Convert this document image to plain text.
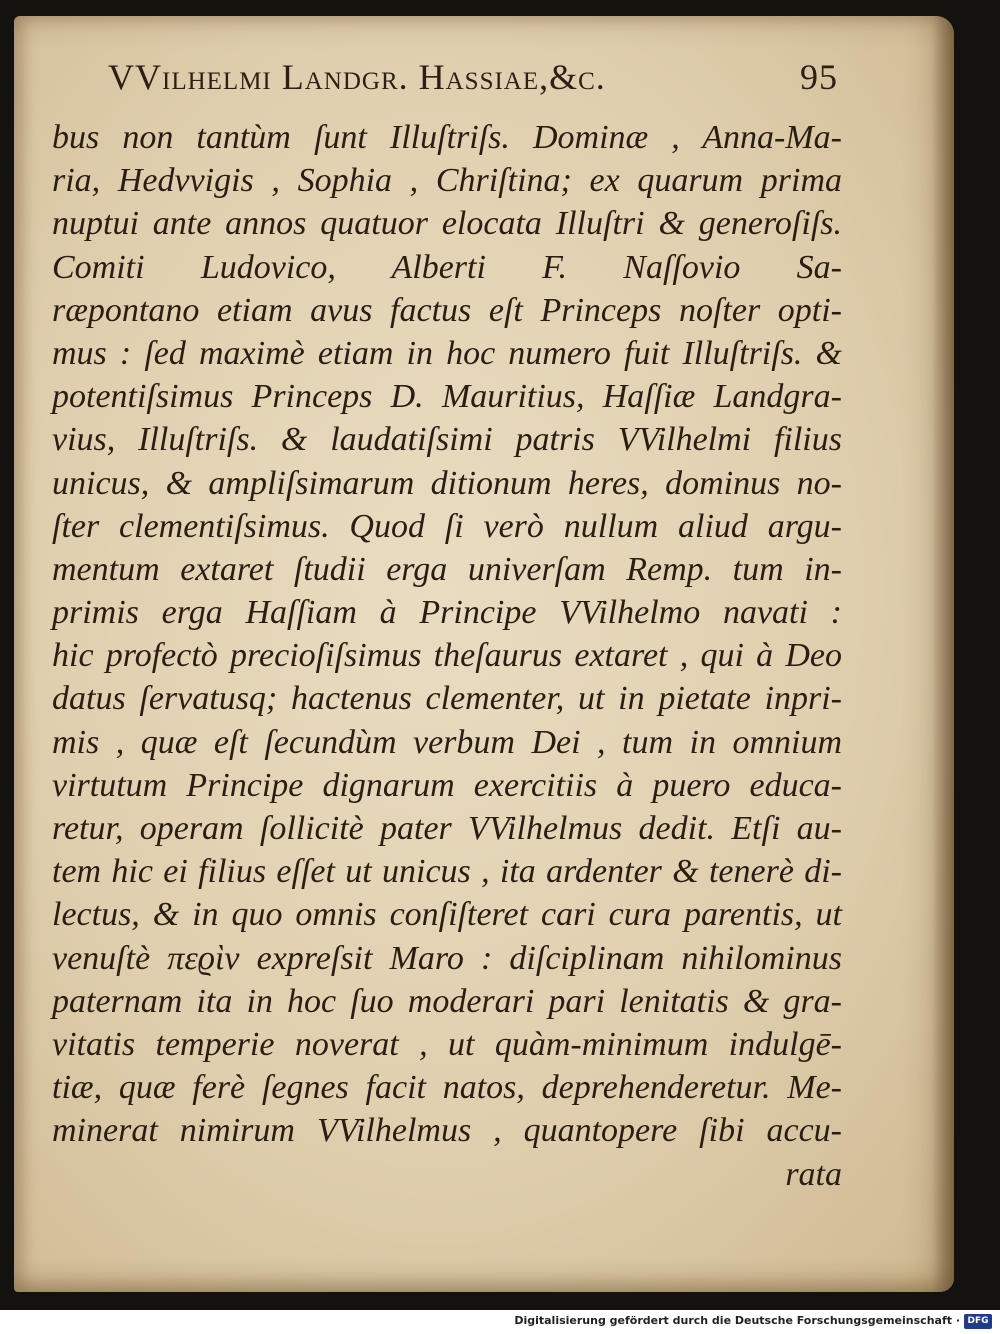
VVilhelmi Landgr. Hassiae,&c.	95
bus non tantùm ſunt Illuſtriſs. Dominæ , Anna-Ma-
ria, Hedvvigis , Sophia , Chriſtina; ex quarum prima
nuptui ante annos quatuor elocata Illuſtri & generoſiſs.
Comiti Ludovico, Alberti F. Naſſovio Sa-
ræpontano etiam avus factus eſt Princeps noſter opti-
mus : ſed maximè etiam in hoc numero fuit Illuſtriſs. &
potentiſsimus Princeps D. Mauritius, Haſſiæ Landgra-
vius, Illuſtriſs. & laudatiſsimi patris VVilhelmi filius
unicus, & ampliſsimarum ditionum heres, dominus no-
ſter clementiſsimus. Quod ſi verò nullum aliud argu-
mentum extaret ſtudii erga univerſam Remp. tum in-
primis erga Haſſiam à Principe VVilhelmo navati :
hic profectò precioſiſsimus theſaurus extaret , qui à Deo
datus ſervatusq; hactenus clementer, ut in pietate inpri-
mis , quæ eſt ſecundùm verbum Dei , tum in omnium
virtutum Principe dignarum exercitiis à puero educa-
retur, operam ſollicitè pater VVilhelmus dedit. Etſi au-
tem hic ei filius eſſet ut unicus , ita ardenter & tenerè di-
lectus, & in quo omnis conſiſteret cari cura parentis, ut
venuſtè πεϱὶν expreſsit Maro : diſciplinam nihilominus
paternam ita in hoc ſuo moderari pari lenitatis & gra-
vitatis temperie noverat , ut quàm-minimum indulgē-
tiæ, quæ ferè ſegnes facit natos, deprehenderetur. Me-
minerat nimirum VVilhelmus , quantopere ſibi accu-
rata
Digitalisierung gefördert durch die Deutsche Forschungsgemeinschaft · DFG
